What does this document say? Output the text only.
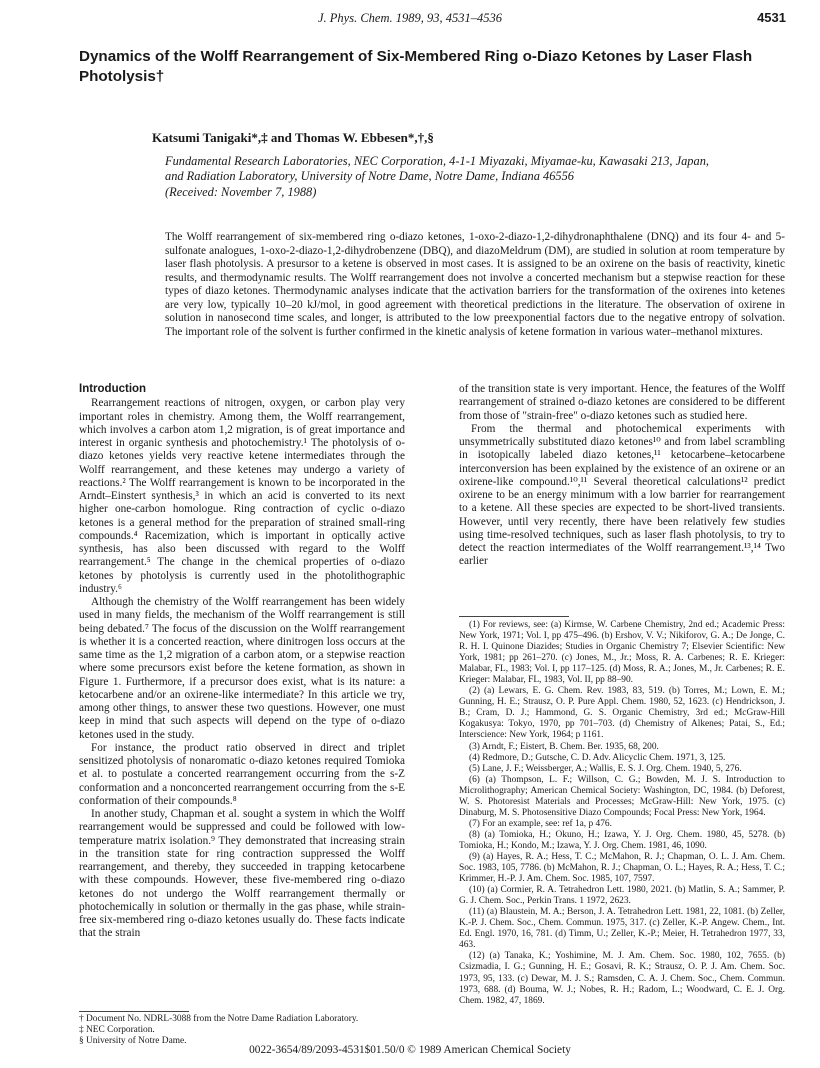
J. Phys. Chem. 1989, 93, 4531–4536	4531
Dynamics of the Wolff Rearrangement of Six-Membered Ring o-Diazo Ketones by Laser Flash Photolysis†
Katsumi Tanigaki*,‡ and Thomas W. Ebbesen*,†,§
Fundamental Research Laboratories, NEC Corporation, 4-1-1 Miyazaki, Miyamae-ku, Kawasaki 213, Japan,
and Radiation Laboratory, University of Notre Dame, Notre Dame, Indiana 46556
(Received: November 7, 1988)
The Wolff rearrangement of six-membered ring o-diazo ketones, 1-oxo-2-diazo-1,2-dihydronaphthalene (DNQ) and its four 4- and 5-sulfonate analogues, 1-oxo-2-diazo-1,2-dihydrobenzene (DBQ), and diazoMeldrum (DM), are studied in solution at room temperature by laser flash photolysis. A presursor to a ketene is observed in most cases. It is assigned to be an oxirene on the basis of reactivity, kinetic results, and thermodynamic results. The Wolff rearrangement does not involve a concerted mechanism but a stepwise reaction for these types of diazo ketones. Thermodynamic analyses indicate that the activation barriers for the transformation of the oxirenes into ketenes are very low, typically 10–20 kJ/mol, in good agreement with theoretical predictions in the literature. The observation of oxirene in solution in nanosecond time scales, and longer, is attributed to the low preexponential factors due to the negative entropy of solvation. The important role of the solvent is further confirmed in the kinetic analysis of ketene formation in various water–methanol mixtures.
Introduction

Rearrangement reactions of nitrogen, oxygen, or carbon play very important roles in chemistry. Among them, the Wolff rearrangement, which involves a carbon atom 1,2 migration, is of great importance and interest in organic synthesis and photochemistry.¹ The photolysis of o-diazo ketones yields very reactive ketene intermediates through the Wolff rearrangement, and these ketenes may undergo a variety of reactions.² The Wolff rearrangement is known to be incorporated in the Arndt–Einstert synthesis,³ in which an acid is converted to its next higher one-carbon homologue. Ring contraction of cyclic o-diazo ketones is a general method for the preparation of strained small-ring compounds.⁴ Racemization, which is important in optically active synthesis, has also been discussed with regard to the Wolff rearrangement.⁵ The change in the chemical properties of o-diazo ketones by photolysis is currently used in the photolithographic industry.⁶

Although the chemistry of the Wolff rearrangement has been widely used in many fields, the mechanism of the Wolff rearrangement is still being debated.⁷ The focus of the discussion on the Wolff rearrangement is whether it is a concerted reaction, where dinitrogen loss occurs at the same time as the 1,2 migration of a carbon atom, or a stepwise reaction where some precursors exist before the ketene formation, as shown in Figure 1. Furthermore, if a precursor does exist, what is its nature: a ketocarbene and/or an oxirene-like intermediate? In this article we try, among other things, to answer these two questions. However, one must keep in mind that such aspects will depend on the type of o-diazo ketones used in the study.

For instance, the product ratio observed in direct and triplet sensitized photolysis of nonaromatic o-diazo ketones required Tomioka et al. to postulate a concerted rearrangement occurring from the s-Z conformation and a nonconcerted rearrangement occurring from the s-E conformation of their compounds.⁸

In another study, Chapman et al. sought a system in which the Wolff rearrangement would be suppressed and could be followed with low-temperature matrix isolation.⁹ They demonstrated that increasing strain in the transition state for ring contraction suppressed the Wolff rearrangement, and thereby, they succeeded in trapping ketocarbene with these compounds. However, these five-membered ring o-diazo ketones do not undergo the Wolff rearrangement thermally or photochemically in solution or thermally in the gas phase, while strain-free six-membered ring o-diazo ketones usually do. These facts indicate that the strain

† Document No. NDRL-3088 from the Notre Dame Radiation Laboratory.
‡ NEC Corporation.
§ University of Notre Dame.

of the transition state is very important. Hence, the features of the Wolff rearrangement of strained o-diazo ketones are considered to be different from those of "strain-free" o-diazo ketones such as studied here.

From the thermal and photochemical experiments with unsymmetrically substituted diazo ketones¹⁰ and from label scrambling in isotopically labeled diazo ketones,¹¹ ketocarbene–ketocarbene interconversion has been explained by the existence of an oxirene or an oxirene-like compound.¹⁰,¹¹ Several theoretical calculations¹² predict oxirene to be an energy minimum with a low barrier for rearrangement to a ketene. All these species are expected to be short-lived transients. However, until very recently, there have been relatively few studies using time-resolved techniques, such as laser flash photolysis, to try to detect the reaction intermediates of the Wolff rearrangement.¹³,¹⁴ Two earlier

(1) For reviews, see: (a) Kirmse, W. Carbene Chemistry, 2nd ed.; Academic Press: New York, 1971; Vol. I, pp 475–496. (b) Ershov, V. V.; Nikiforov, G. A.; De Jonge, C. R. H. I. Quinone Diazides; Studies in Organic Chemistry 7; Elsevier Scientific: New York, 1981; pp 261–270. (c) Jones, M., Jr.; Moss, R. A. Carbenes; R. E. Krieger: Malabar, FL, 1983; Vol. I, pp 117–125. (d) Moss, R. A.; Jones, M., Jr. Carbenes; R. E. Krieger: Malabar, FL, 1983, Vol. II, pp 88–90.

(2) (a) Lewars, E. G. Chem. Rev. 1983, 83, 519. (b) Torres, M.; Lown, E. M.; Gunning, H. E.; Strausz, O. P. Pure Appl. Chem. 1980, 52, 1623. (c) Hendrickson, J. B.; Cram, D. J.; Hammond, G. S. Organic Chemistry, 3rd ed.; McGraw-Hill Kogakusya: Tokyo, 1970, pp 701–703. (d) Chemistry of Alkenes; Patai, S., Ed.; Interscience: New York, 1964; p 1161.

(3) Arndt, F.; Eistert, B. Chem. Ber. 1935, 68, 200.

(4) Redmore, D.; Gutsche, C. D. Adv. Alicyclic Chem. 1971, 3, 125.

(5) Lane, J. F.; Weissberger, A.; Wallis, E. S. J. Org. Chem. 1940, 5, 276.

(6) (a) Thompson, L. F.; Willson, C. G.; Bowden, M. J. S. Introduction to Microlithography; American Chemical Society: Washington, DC, 1984. (b) Deforest, W. S. Photoresist Materials and Processes; McGraw-Hill: New York, 1975. (c) Dinaburg, M. S. Photosensitive Diazo Compounds; Focal Press: New York, 1964.

(7) For an example, see: ref 1a, p 476.

(8) (a) Tomioka, H.; Okuno, H.; Izawa, Y. J. Org. Chem. 1980, 45, 5278. (b) Tomioka, H.; Kondo, M.; Izawa, Y. J. Org. Chem. 1981, 46, 1090.

(9) (a) Hayes, R. A.; Hess, T. C.; McMahon, R. J.; Chapman, O. L. J. Am. Chem. Soc. 1983, 105, 7786. (b) McMahon, R. J.; Chapman, O. L.; Hayes, R. A.; Hess, T. C.; Krimmer, H.-P. J. Am. Chem. Soc. 1985, 107, 7597.

(10) (a) Cormier, R. A. Tetrahedron Lett. 1980, 2021. (b) Matlin, S. A.; Sammer, P. G. J. Chem. Soc., Perkin Trans. 1 1972, 2623.

(11) (a) Blaustein, M. A.; Berson, J. A. Tetrahedron Lett. 1981, 22, 1081. (b) Zeller, K.-P. J. Chem. Soc., Chem. Commun. 1975, 317. (c) Zeller, K.-P. Angew. Chem., Int. Ed. Engl. 1970, 16, 781. (d) Timm, U.; Zeller, K.-P.; Meier, H. Tetrahedron 1977, 33, 463.

(12) (a) Tanaka, K.; Yoshimine, M. J. Am. Chem. Soc. 1980, 102, 7655. (b) Csizmadia, I. G.; Gunning, H. E.; Gosavi, R. K.; Strausz, O. P. J. Am. Chem. Soc. 1973, 95, 133. (c) Dewar, M. J. S.; Ramsden, C. A. J. Chem. Soc., Chem. Commun. 1973, 688. (d) Bouma, W. J.; Nobes, R. H.; Radom, L.; Woodward, C. E. J. Org. Chem. 1982, 47, 1869.

0022-3654/89/2093-4531$01.50/0 © 1989 American Chemical Society
